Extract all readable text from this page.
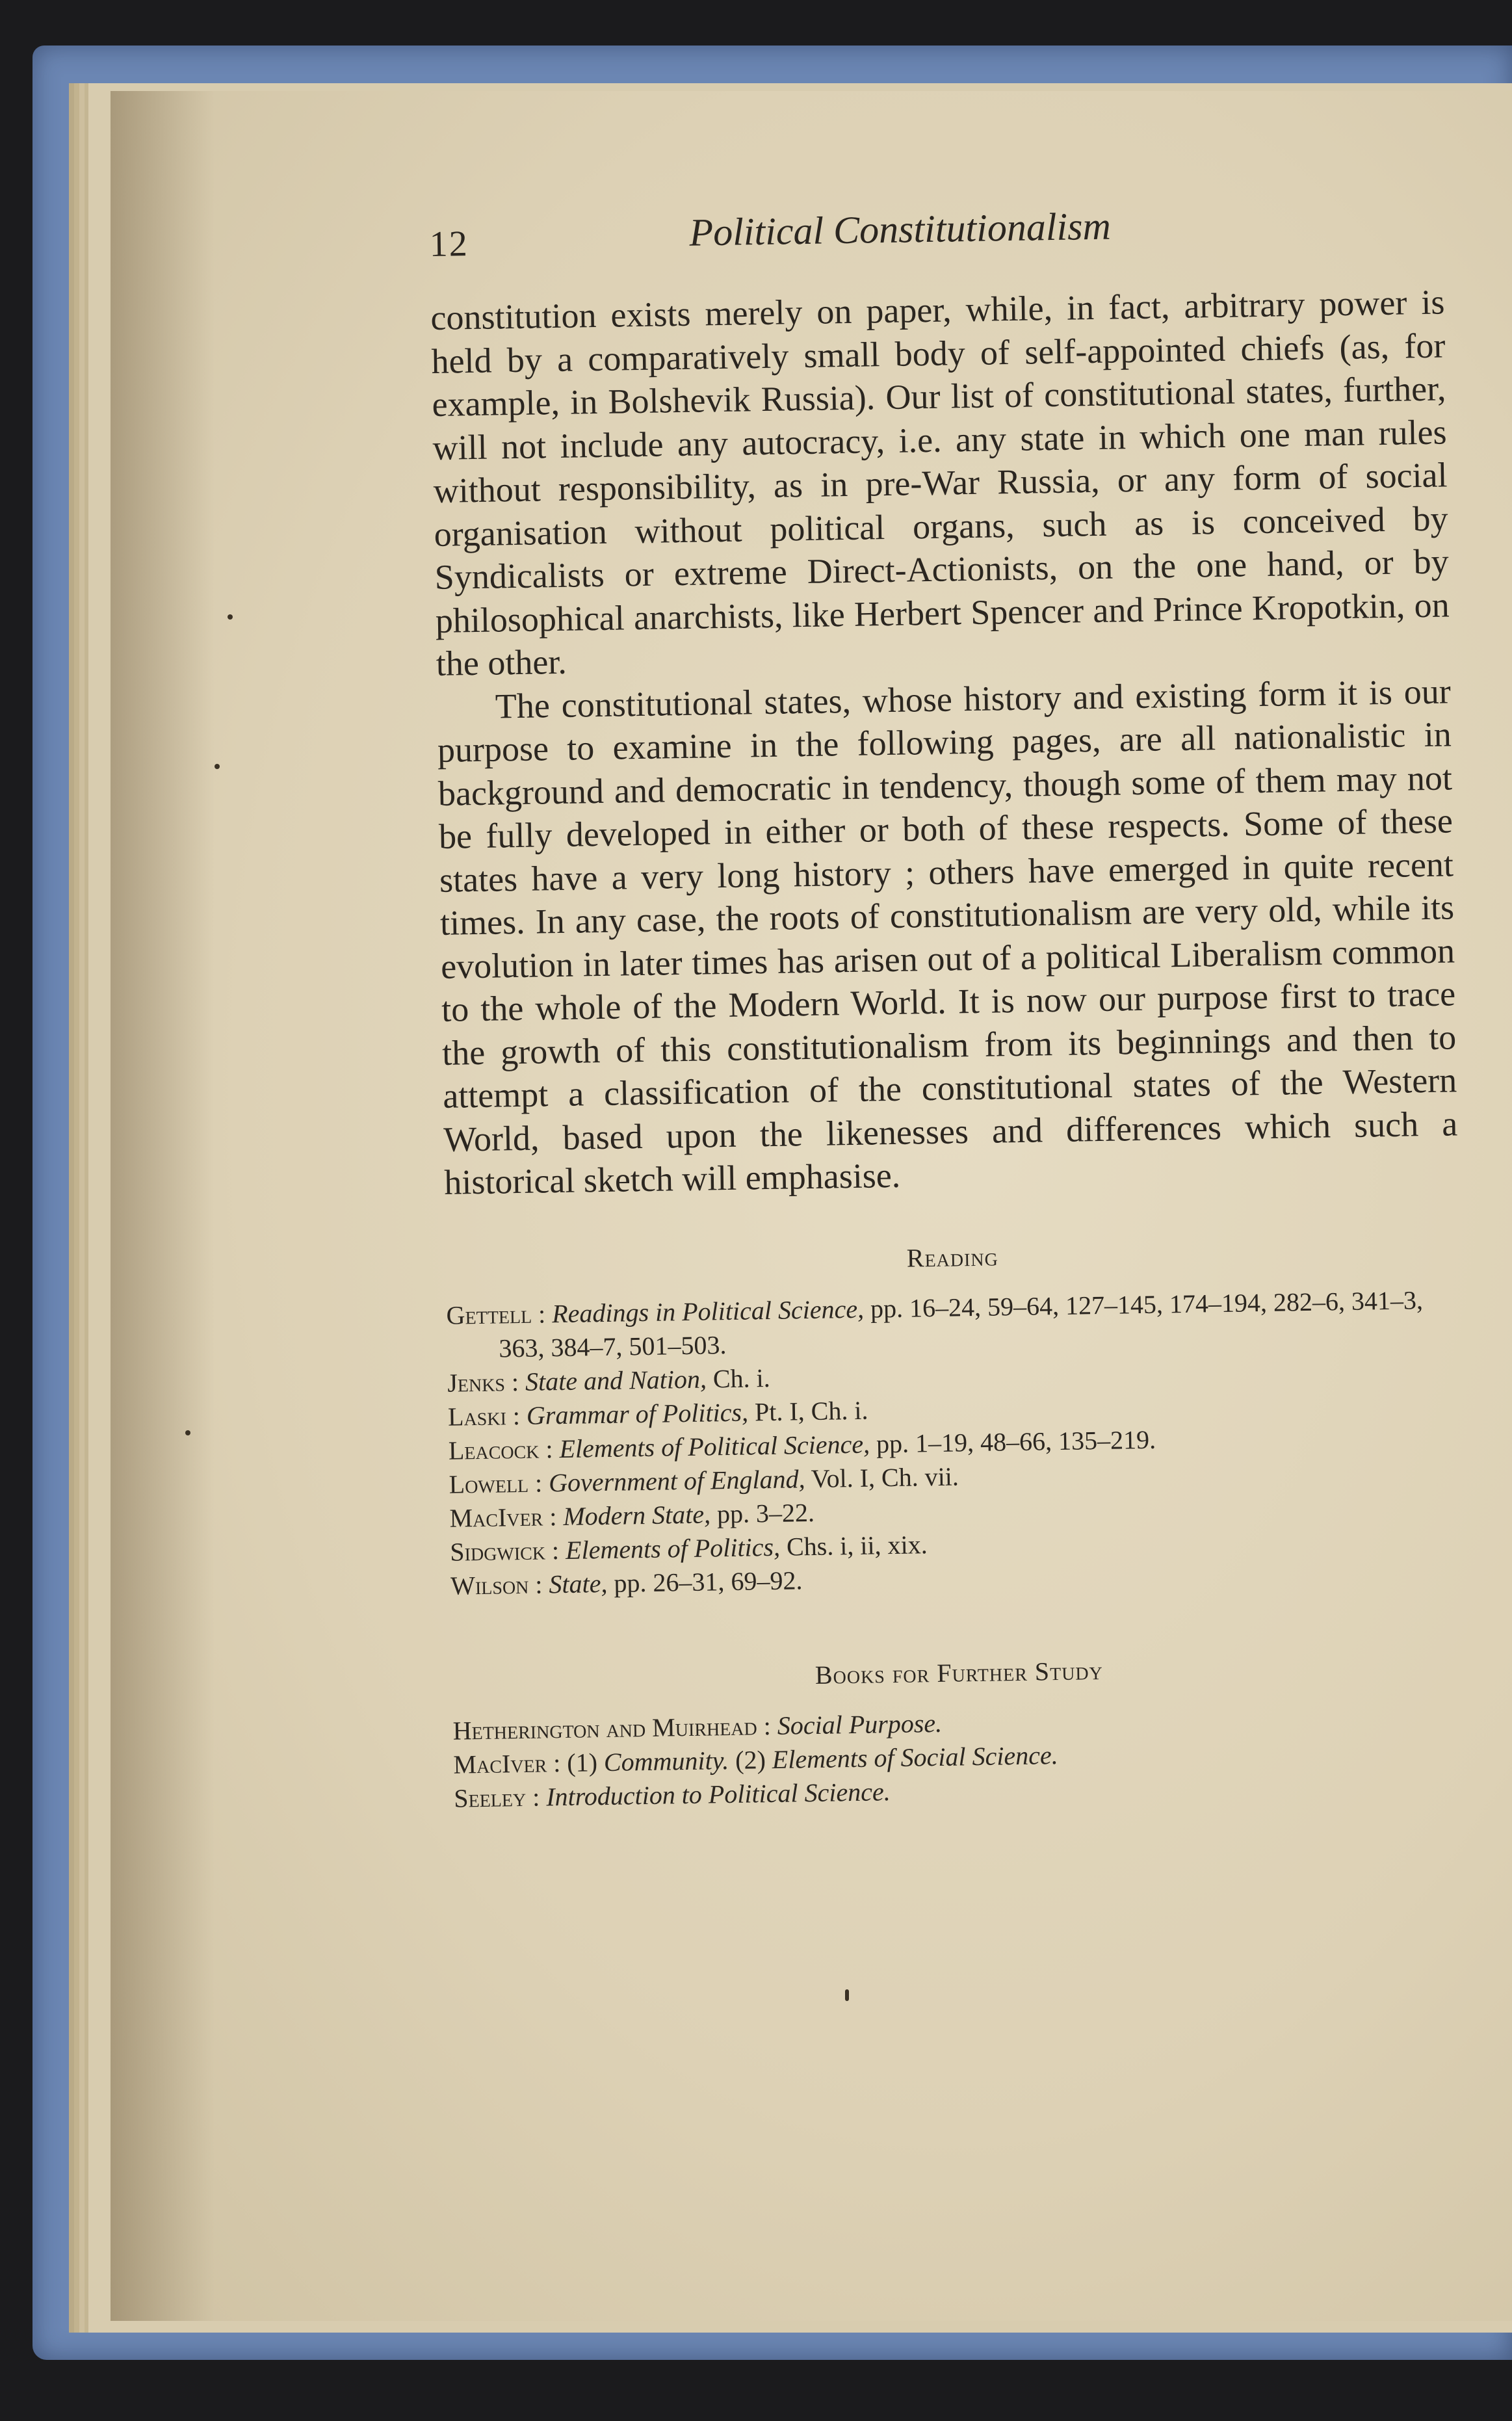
12	Political Constitutionalism

constitution exists merely on paper, while, in fact, arbitrary power is held by a comparatively small body of self-appointed chiefs (as, for example, in Bolshevik Russia). Our list of constitutional states, further, will not include any autocracy, i.e. any state in which one man rules without responsibility, as in pre-War Russia, or any form of social organisation without political organs, such as is conceived by Syndicalists or extreme Direct-Actionists, on the one hand, or by philosophical anarchists, like Herbert Spencer and Prince Kropotkin, on the other.

The constitutional states, whose history and existing form it is our purpose to examine in the following pages, are all nationalistic in background and democratic in tendency, though some of them may not be fully developed in either or both of these respects. Some of these states have a very long history ; others have emerged in quite recent times. In any case, the roots of constitutionalism are very old, while its evolution in later times has arisen out of a political Liberalism common to the whole of the Modern World. It is now our purpose first to trace the growth of this constitutionalism from its beginnings and then to attempt a classification of the constitutional states of the Western World, based upon the likenesses and differences which such a historical sketch will emphasise.

Reading
Gettell : Readings in Political Science, pp. 16–24, 59–64, 127–145, 174–194, 282–6, 341–3, 363, 384–7, 501–503.
Jenks : State and Nation, Ch. i.
Laski : Grammar of Politics, Pt. I, Ch. i.
Leacock : Elements of Political Science, pp. 1–19, 48–66, 135–219.
Lowell : Government of England, Vol. I, Ch. vii.
MacIver : Modern State, pp. 3–22.
Sidgwick : Elements of Politics, Chs. i, ii, xix.
Wilson : State, pp. 26–31, 69–92.
Books for Further Study
Hetherington and Muirhead : Social Purpose.
MacIver : (1) Community. (2) Elements of Social Science.
Seeley : Introduction to Political Science.
